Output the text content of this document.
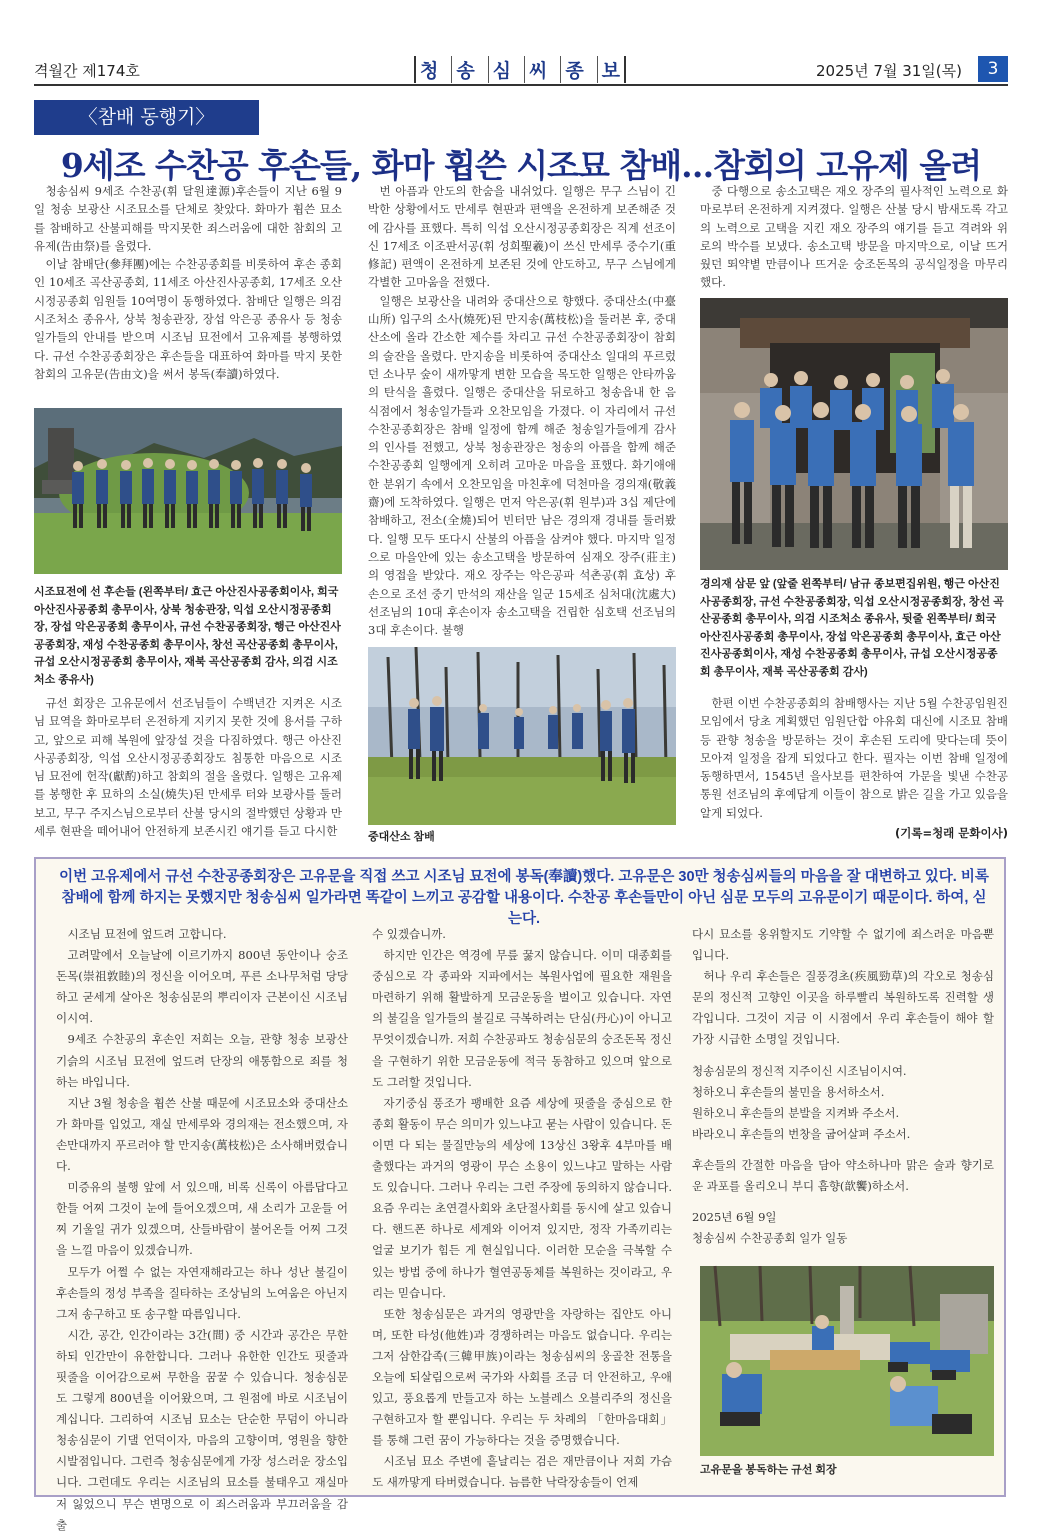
격월간 제174호	청 송 심 씨 종 보	2025년 7월 31일(목)	3
〈참배 동행기〉
9세조 수찬공 후손들, 화마 휩쓴 시조묘 참배…참회의 고유제 올려

청송심씨 9세조 수찬공(휘 달원達源)후손들이 지난 6월 9일 청송 보광산 시조묘소를 단체로 찾았다. 화마가 휩쓴 묘소를 참배하고 산불피해를 막지못한 죄스러움에 대한 참회의 고유제(告由祭)를 올렸다.

이날 참배단(參拜團)에는 수찬공종회를 비롯하여 후손 종회인 10세조 곡산공종회, 11세조 아산진사공종회, 17세조 오산시정공종회 임원들 10여명이 동행하였다. 참배단 일행은 의검 시조처소 종유사, 상북 청송관장, 장섭 악은공 종유사 등 청송일가들의 안내를 받으며 시조님 묘전에서 고유제를 봉행하였다. 규선 수찬공종회장은 후손들을 대표하여 화마를 막지 못한 참회의 고유문(告由文)을 써서 봉독(奉讀)하였다.

시조묘전에 선 후손들 (왼쪽부터/ 효근 아산진사공종회이사, 희국 아산진사공종회 총무이사, 상북 청송관장, 익섭 오산시정공종회장, 장섭 악은공종회 총무이사, 규선 수찬공종회장, 행근 아산진사공종회장, 재성 수찬공종회 총무이사, 창선 곡산공종회 총무이사, 규섭 오산시정공종회 총무이사, 재북 곡산공종회 감사, 의검 시조처소 종유사)

규선 회장은 고유문에서 선조님들이 수백년간 지켜온 시조님 묘역을 화마로부터 온전하게 지키지 못한 것에 용서를 구하고, 앞으로 피해 복원에 앞장설 것을 다짐하였다. 행근 아산진사공종회장, 익섭 오산시정공종회장도 침통한 마음으로 시조님 묘전에 헌작(獻酌)하고 참회의 절을 올렸다. 일행은 고유제를 봉행한 후 묘하의 소실(燒失)된 만세루 터와 보광사를 둘러보고, 무구 주지스님으로부터 산불 당시의 절박했던 상황과 만세루 현판을 떼어내어 안전하게 보존시킨 얘기를 듣고 다시한

번 아픔과 안도의 한숨을 내쉬었다. 일행은 무구 스님이 긴박한 상황에서도 만세루 현판과 편액을 온전하게 보존해준 것에 감사를 표했다. 특히 익섭 오산시정공종회장은 직계 선조이신 17세조 이조판서공(휘 성희聖羲)이 쓰신 만세루 중수기(重修記) 편액이 온전하게 보존된 것에 안도하고, 무구 스님에게 각별한 고마움을 전했다.

일행은 보광산을 내려와 중대산으로 향했다. 중대산소(中臺山所) 입구의 소사(燒死)된 만지송(萬枝松)을 둘러본 후, 중대산소에 올라 간소한 제수를 차리고 규선 수찬공종회장이 참회의 술잔을 올렸다. 만지송을 비롯하여 중대산소 일대의 푸르렀던 소나무 숲이 새까맣게 변한 모습을 목도한 일행은 안타까움의 탄식을 흘렸다. 일행은 중대산을 뒤로하고 청송읍내 한 음식점에서 청송일가들과 오찬모임을 가졌다. 이 자리에서 규선 수찬공종회장은 참배 일정에 함께 해준 청송일가들에게 감사의 인사를 전했고, 상북 청송관장은 청송의 아픔을 함께 해준 수찬공종회 일행에게 오히려 고마운 마음을 표했다. 화기애애한 분위기 속에서 오찬모임을 마친후에 덕천마을 경의재(敬義齋)에 도착하였다. 일행은 먼저 악은공(휘 원부)과 3십 제단에 참배하고, 전소(全燒)되어 빈터만 남은 경의재 경내를 둘러봤다. 일행 모두 또다시 산불의 아픔을 삼켜야 했다. 마지막 일정으로 마을안에 있는 송소고택을 방문하여 심재오 장주(莊主)의 영접을 받았다. 재오 장주는 악은공파 석촌공(휘 효상) 후손으로 조선 중기 만석의 재산을 일군 15세조 심처대(沈處大)선조님의 10대 후손이자 송소고택을 건립한 심호택 선조님의 3대 후손이다. 불행

중대산소 참배

중 다행으로 송소고택은 재오 장주의 필사적인 노력으로 화마로부터 온전하게 지켜졌다. 일행은 산불 당시 밤새도록 각고의 노력으로 고택을 지킨 재오 장주의 얘기를 듣고 격려와 위로의 박수를 보냈다. 송소고택 방문을 마지막으로, 이날 뜨거웠던 뙤약볕 만큼이나 뜨거운 숭조돈목의 공식일정을 마무리했다.

경의재 삼문 앞 (앞줄 왼쪽부터/ 남규 종보편집위원, 행근 아산진사공종회장, 규선 수찬공종회장, 익섭 오산시정공종회장, 창선 곡산공종회 총무이사, 의검 시조처소 종유사, 뒷줄 왼쪽부터/ 희국 아산진사공종회 총무이사, 장섭 악은공종회 총무이사, 효근 아산진사공종회이사, 재성 수찬공종회 총무이사, 규섭 오산시정공종회 총무이사, 재북 곡산공종회 감사)

한편 이번 수찬공종회의 참배행사는 지난 5월 수찬공임원진 모임에서 당초 계획했던 임원단합 야유회 대신에 시조묘 참배 등 관향 청송을 방문하는 것이 후손된 도리에 맞다는데 뜻이 모아져 일정을 잡게 되었다고 한다. 필자는 이번 참배 일정에 동행하면서, 1545년 을사보를 편찬하여 가문을 빛낸 수찬공 통원 선조님의 후예답게 이들이 참으로 밝은 길을 가고 있음을 알게 되었다.

(기록=청래 문화이사)
이번 고유제에서 규선 수찬공종회장은 고유문을 직접 쓰고 시조님 묘전에 봉독(奉讀)했다. 고유문은 30만 청송심씨들의 마음을 잘 대변하고 있다. 비록 참배에 함께 하지는 못했지만 청송심씨 일가라면 똑같이 느끼고 공감할 내용이다. 수찬공 후손들만이 아닌 심문 모두의 고유문이기 때문이다. 하여, 싣는다.

시조님 묘전에 엎드려 고합니다.

고려말에서 오늘날에 이르기까지 800년 동안이나 숭조돈목(崇祖敦睦)의 정신을 이어오며, 푸른 소나무처럼 당당하고 굳세게 살아온 청송심문의 뿌리이자 근본이신 시조님이시여.

9세조 수찬공의 후손인 저희는 오늘, 관향 청송 보광산 기슭의 시조님 묘전에 엎드려 단장의 애통함으로 죄를 청하는 바입니다.

지난 3월 청송을 휩쓴 산불 때문에 시조묘소와 중대산소가 화마를 입었고, 재실 만세루와 경의재는 전소했으며, 자손만대까지 푸르러야 할 만지송(萬枝松)은 소사해버렸습니다.

미증유의 불행 앞에 서 있으매, 비록 신록이 아름답다고 한들 어찌 그것이 눈에 들어오겠으며, 새 소리가 고운들 어찌 기울일 귀가 있겠으며, 산들바람이 불어온들 어찌 그것을 느낄 마음이 있겠습니까.

모두가 어쩔 수 없는 자연재해라고는 하나 성난 불길이 후손들의 정성 부족을 질타하는 조상님의 노여움은 아닌지 그저 송구하고 또 송구할 따름입니다.

시간, 공간, 인간이라는 3간(間) 중 시간과 공간은 무한하되 인간만이 유한합니다. 그러나 유한한 인간도 핏줄과 핏줄을 이어감으로써 무한을 꿈꿀 수 있습니다. 청송심문도 그렇게 800년을 이어왔으며, 그 원점에 바로 시조님이 계십니다. 그리하여 시조님 묘소는 단순한 무덤이 아니라 청송심문이 기댈 언덕이자, 마음의 고향이며, 영원을 향한 시발점입니다. 그런즉 청송심문에게 가장 성스러운 장소입니다. 그런데도 우리는 시조님의 묘소를 불태우고 재실마저 잃었으니 무슨 변명으로 이 죄스러움과 부끄러움을 감출

수 있겠습니까.

하지만 인간은 역경에 무릎 꿇지 않습니다. 이미 대종회를 중심으로 각 종파와 지파에서는 복원사업에 필요한 재원을 마련하기 위해 활발하게 모금운동을 벌이고 있습니다. 자연의 불길을 일가들의 불길로 극복하려는 단심(丹心)이 아니고 무엇이겠습니까. 저희 수찬공파도 청송심문의 숭조돈목 정신을 구현하기 위한 모금운동에 적극 동참하고 있으며 앞으로도 그러할 것입니다.

자기중심 풍조가 팽배한 요즘 세상에 핏줄을 중심으로 한 종회 활동이 무슨 의미가 있느냐고 묻는 사람이 있습니다. 돈이면 다 되는 물질만능의 세상에 13상신 3왕후 4부마를 배출했다는 과거의 영광이 무슨 소용이 있느냐고 말하는 사람도 있습니다. 그러나 우리는 그런 주장에 동의하지 않습니다. 요즘 우리는 초연결사회와 초단절사회를 동시에 살고 있습니다. 핸드폰 하나로 세계와 이어져 있지만, 정작 가족끼리는 얼굴 보기가 힘든 게 현실입니다. 이러한 모순을 극복할 수 있는 방법 중에 하나가 혈연공동체를 복원하는 것이라고, 우리는 믿습니다.

또한 청송심문은 과거의 영광만을 자랑하는 집안도 아니며, 또한 타성(他姓)과 경쟁하려는 마음도 없습니다. 우리는 그저 삼한갑족(三韓甲族)이라는 청송심씨의 웅골찬 전통을 오늘에 되살림으로써 국가와 사회를 조금 더 안전하고, 우애있고, 풍요롭게 만들고자 하는 노블레스 오블리주의 정신을 구현하고자 할 뿐입니다. 우리는 두 차례의 「한마음대회」를 통해 그런 꿈이 가능하다는 것을 증명했습니다.

시조님 묘소 주변에 흩날리는 검은 재만큼이나 저희 가슴도 새까맣게 타버렸습니다. 늠름한 낙락장송들이 언제

다시 묘소를 옹위할지도 기약할 수 없기에 죄스러운 마음뿐입니다.

허나 우리 후손들은 질풍경초(疾風勁草)의 각오로 청송심문의 정신적 고향인 이곳을 하루빨리 복원하도록 진력할 생각입니다. 그것이 지금 이 시점에서 우리 후손들이 해야 할 가장 시급한 소명일 것입니다.

청송심문의 정신적 지주이신 시조님이시여.

청하오니 후손들의 불민을 용서하소서.

원하오니 후손들의 분발을 지켜봐 주소서.

바라오니 후손들의 번창을 굽어살펴 주소서.

후손들의 간절한 마음을 담아 약소하나마 맑은 술과 향기로운 과포를 올리오니 부디 흠향(歆饗)하소서.

2025년 6월 9일

청송심씨 수찬공종회 일가 일동

고유문을 봉독하는 규선 회장
